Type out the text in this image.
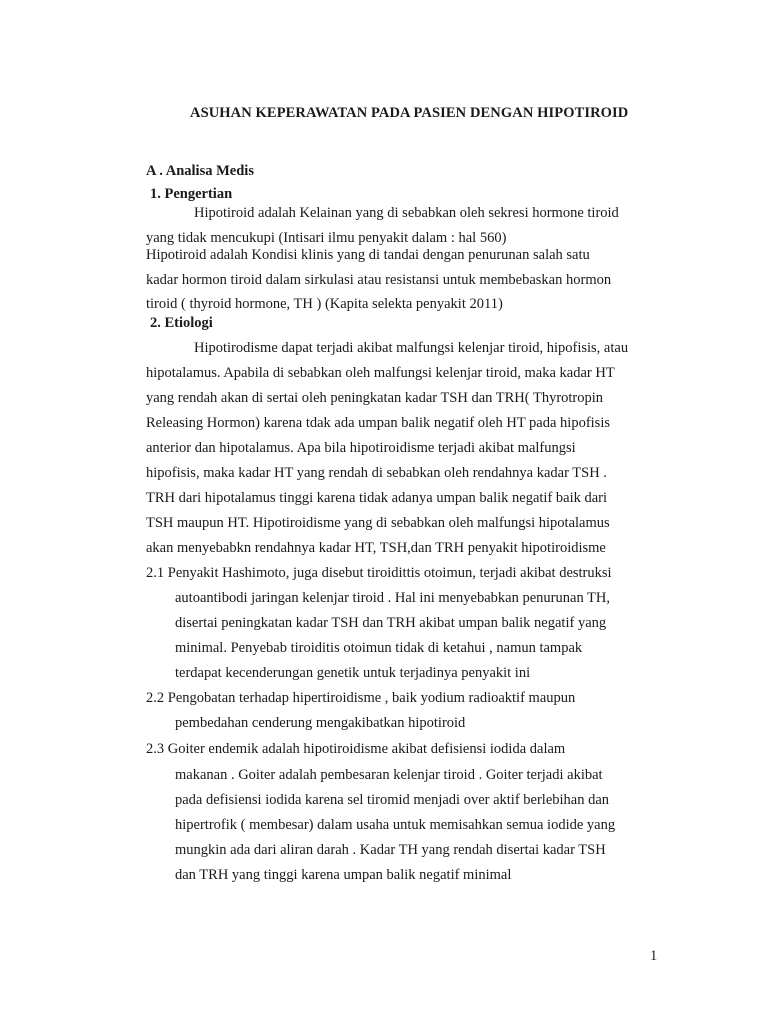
ASUHAN KEPERAWATAN PADA PASIEN DENGAN HIPOTIROID
A . Analisa Medis
1. Pengertian
Hipotiroid adalah Kelainan yang di sebabkan oleh sekresi hormone tiroid
yang tidak mencukupi (Intisari ilmu penyakit dalam : hal 560)
Hipotiroid adalah Kondisi klinis yang di tandai dengan penurunan salah satu
kadar hormon tiroid dalam sirkulasi atau resistansi untuk membebaskan hormon
tiroid ( thyroid hormone, TH ) (Kapita selekta penyakit 2011)
2. Etiologi
Hipotirodisme dapat terjadi akibat malfungsi kelenjar tiroid, hipofisis, atau
hipotalamus. Apabila di sebabkan oleh malfungsi kelenjar tiroid, maka kadar HT
yang rendah akan di sertai oleh peningkatan kadar TSH dan TRH( Thyrotropin
Releasing Hormon) karena tdak ada umpan balik negatif oleh HT pada hipofisis
anterior dan hipotalamus. Apa bila hipotiroidisme terjadi akibat malfungsi
hipofisis, maka kadar HT yang rendah di sebabkan oleh rendahnya kadar TSH .
TRH dari hipotalamus tinggi karena tidak adanya umpan balik negatif baik dari
TSH maupun HT. Hipotiroidisme yang di sebabkan oleh malfungsi hipotalamus
akan menyebabkn rendahnya kadar HT, TSH,dan TRH penyakit hipotiroidisme
2.1 Penyakit Hashimoto, juga disebut tiroidittis otoimun, terjadi akibat destruksi
autoantibodi jaringan kelenjar tiroid . Hal ini menyebabkan penurunan TH,
disertai peningkatan kadar TSH dan TRH akibat umpan balik negatif yang
minimal. Penyebab tiroiditis otoimun tidak di ketahui , namun tampak
terdapat kecenderungan genetik untuk terjadinya penyakit ini
2.2 Pengobatan terhadap hipertiroidisme , baik yodium radioaktif maupun
pembedahan cenderung mengakibatkan hipotiroid
2.3 Goiter endemik adalah hipotiroidisme akibat defisiensi iodida dalam
makanan . Goiter adalah pembesaran kelenjar tiroid . Goiter terjadi akibat
pada defisiensi iodida karena sel tiromid menjadi over aktif berlebihan dan
hipertrofik ( membesar) dalam usaha untuk memisahkan semua iodide yang
mungkin ada dari aliran darah . Kadar TH yang rendah disertai kadar TSH
dan TRH yang tinggi karena umpan balik negatif minimal
1
